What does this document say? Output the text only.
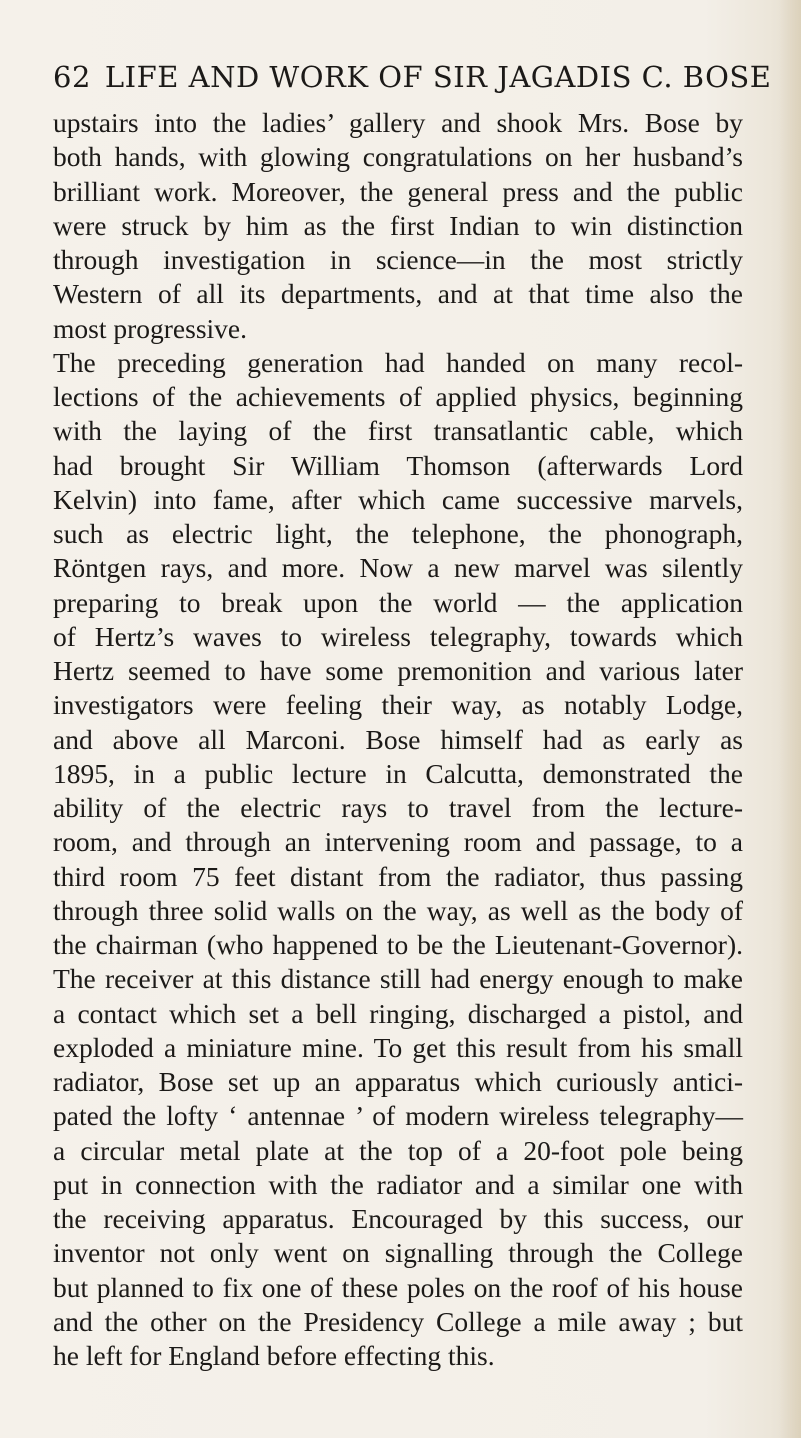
62 LIFE AND WORK OF SIR JAGADIS C. BOSE
upstairs into the ladies’ gallery and shook Mrs. Bose by
both hands, with glowing congratulations on her husband’s
brilliant work. Moreover, the general press and the public
were struck by him as the first Indian to win distinction
through investigation in science—in the most strictly
Western of all its departments, and at that time also the
most progressive.
The preceding generation had handed on many recol-
lections of the achievements of applied physics, beginning
with the laying of the first transatlantic cable, which
had brought Sir William Thomson (afterwards Lord
Kelvin) into fame, after which came successive marvels,
such as electric light, the telephone, the phonograph,
Röntgen rays, and more. Now a new marvel was silently
preparing to break upon the world — the application
of Hertz’s waves to wireless telegraphy, towards which
Hertz seemed to have some premonition and various later
investigators were feeling their way, as notably Lodge,
and above all Marconi. Bose himself had as early as
1895, in a public lecture in Calcutta, demonstrated the
ability of the electric rays to travel from the lecture-
room, and through an intervening room and passage, to a
third room 75 feet distant from the radiator, thus passing
through three solid walls on the way, as well as the body of
the chairman (who happened to be the Lieutenant-Governor).
The receiver at this distance still had energy enough to make
a contact which set a bell ringing, discharged a pistol, and
exploded a miniature mine. To get this result from his small
radiator, Bose set up an apparatus which curiously antici-
pated the lofty ‘ antennae ’ of modern wireless telegraphy—
a circular metal plate at the top of a 20-foot pole being
put in connection with the radiator and a similar one with
the receiving apparatus. Encouraged by this success, our
inventor not only went on signalling through the College
but planned to fix one of these poles on the roof of his house
and the other on the Presidency College a mile away ; but
he left for England before effecting this.
